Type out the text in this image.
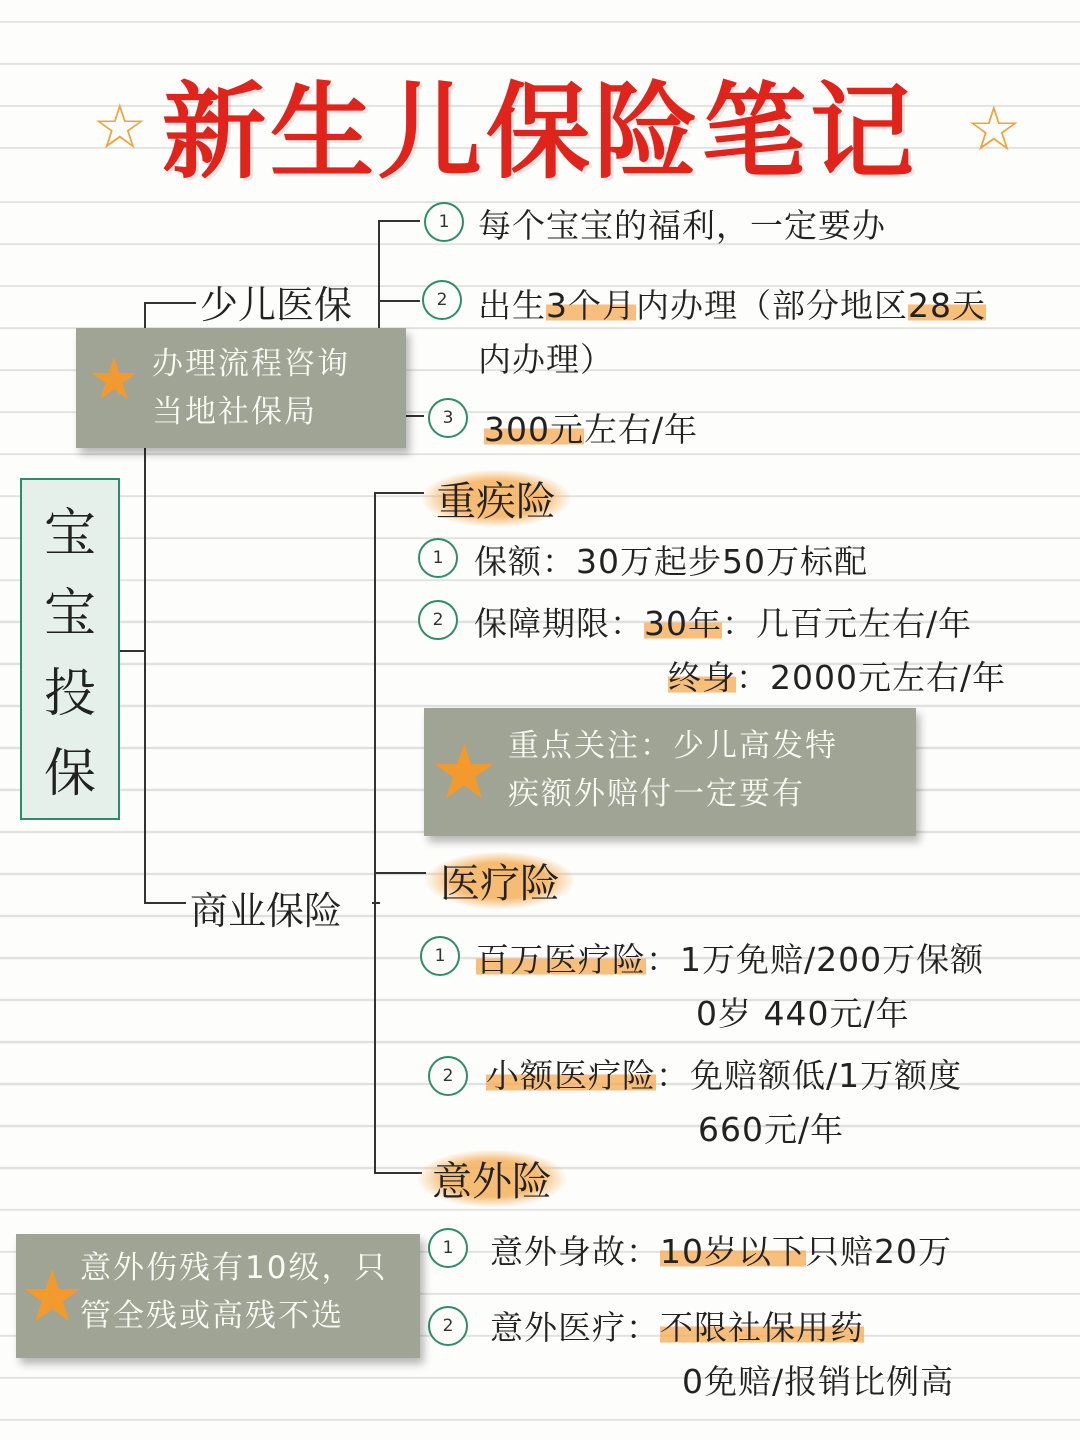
新生儿保险笔记
☆	☆
宝
宝
投
保
少儿医保
1 每个宝宝的福利，一定要办
2 出生3个月内办理（部分地区28天
内办理）
3 300元左右/年
★ 办理流程咨询
当地社保局
商业保险
重疾险
1 保额：30万起步50万标配
2 保障期限：30年：几百元左右/年
终身：2000元左右/年
★ 重点关注：少儿高发特
疾额外赔付一定要有
医疗险
1 百万医疗险：1万免赔/200万保额
0岁 440元/年
2 小额医疗险：免赔额低/1万额度
660元/年
意外险
1	意外身故：10岁以下只赔20万
2	意外医疗：不限社保用药
0免赔/报销比例高
★
意外伤残有10级，只
管全残或高残不选
